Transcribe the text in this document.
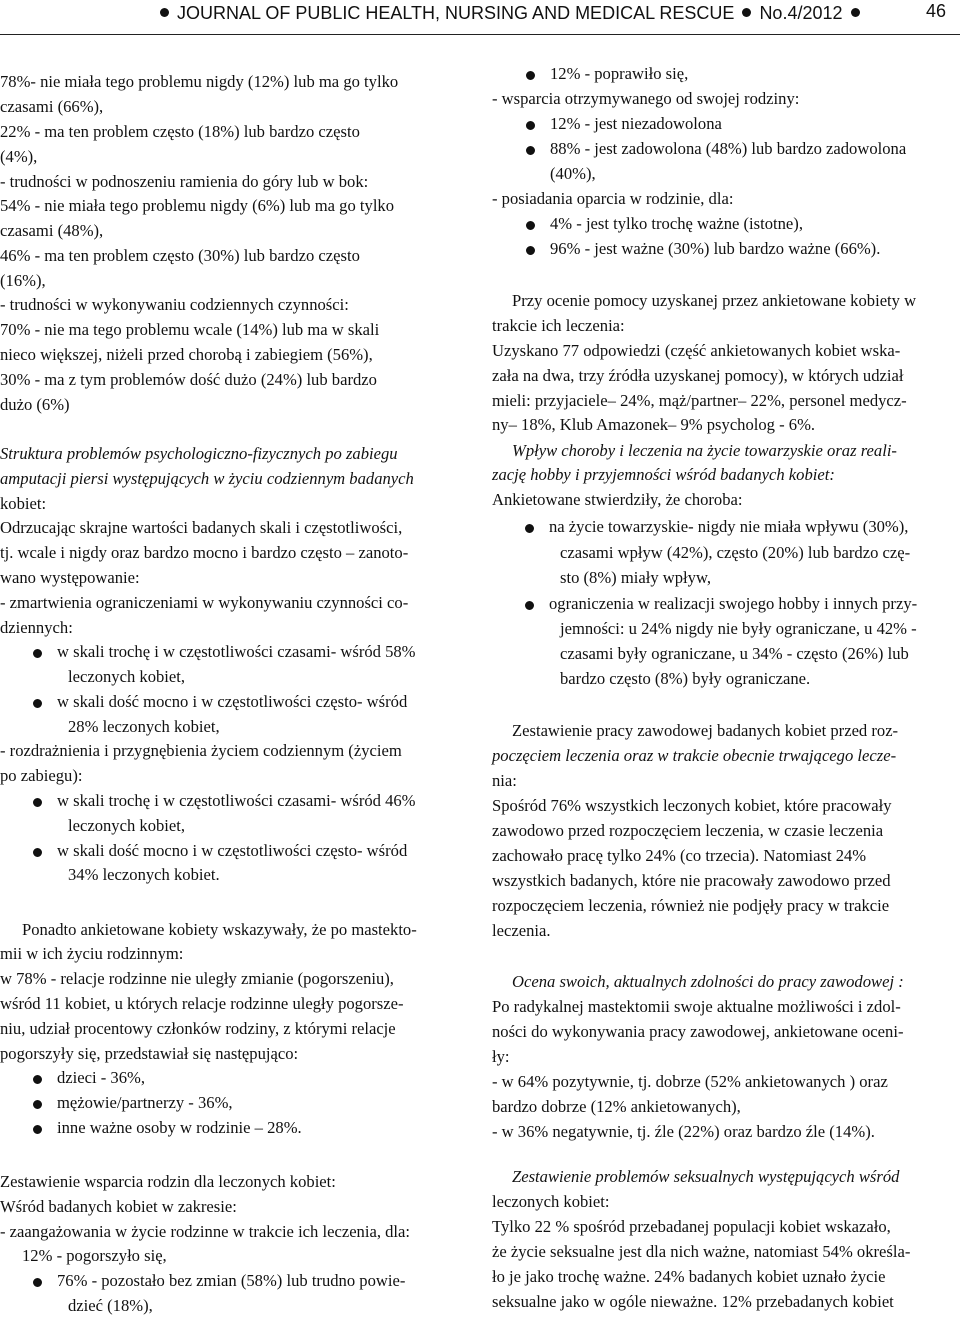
JOURNAL OF PUBLIC HEALTH, NURSING AND MEDICAL RESCUE No.4/2012	46
78%- nie miała tego problemu nigdy (12%) lub ma go tylko
czasami (66%),
22% - ma ten problem często (18%) lub bardzo często
(4%),
- trudności w podnoszeniu ramienia do góry lub w bok:
54% - nie miała tego problemu nigdy (6%) lub ma go tylko
czasami (48%),
46% - ma ten problem często (30%) lub bardzo często
(16%),
- trudności w wykonywaniu codziennych czynności:
70% - nie ma tego problemu wcale (14%) lub ma w skali
nieco większej, niżeli przed chorobą i zabiegiem (56%),
30% - ma z tym problemów dość dużo (24%) lub bardzo
dużo (6%)
Struktura problemów psychologiczno-fizycznych po zabiegu
amputacji piersi występujących w życiu codziennym badanych
kobiet:
Odrzucając skrajne wartości badanych skali i częstotliwości,
tj. wcale i nigdy oraz bardzo mocno i bardzo często – zanoto-
wano występowanie:
- zmartwienia ograniczeniami w wykonywaniu czynności co-
dziennych:
w skali trochę i w częstotliwości czasami- wśród 58%
leczonych kobiet,
w skali dość mocno i w częstotliwości często- wśród
28% leczonych kobiet,
- rozdrażnienia i przygnębienia życiem codziennym (życiem
po zabiegu):
w skali trochę i w częstotliwości czasami- wśród 46%
leczonych kobiet,
w skali dość mocno i w częstotliwości często- wśród
34% leczonych kobiet.
Ponadto ankietowane kobiety wskazywały, że po mastekto-
mii w ich życiu rodzinnym:
w 78% - relacje rodzinne nie uległy zmianie (pogorszeniu),
wśród 11 kobiet, u których relacje rodzinne uległy pogorsze-
niu, udział procentowy członków rodziny, z którymi relacje
pogorszyły się, przedstawiał się następująco:
dzieci - 36%,
mężowie/partnerzy - 36%,
inne ważne osoby w rodzinie – 28%.
Zestawienie wsparcia rodzin dla leczonych kobiet:
Wśród badanych kobiet w zakresie:
- zaangażowania w życie rodzinne w trakcie ich leczenia, dla:
12% - pogorszyło się,
76% - pozostało bez zmian (58%) lub trudno powie-
dzieć (18%),
12% - poprawiło się,
- wsparcia otrzymywanego od swojej rodziny:
12% - jest niezadowolona
88% - jest zadowolona (48%) lub bardzo zadowolona
(40%),
- posiadania oparcia w rodzinie, dla:
4% - jest tylko trochę ważne (istotne),
96% - jest ważne (30%) lub bardzo ważne (66%).
Przy ocenie pomocy uzyskanej przez ankietowane kobiety w
trakcie ich leczenia:
Uzyskano 77 odpowiedzi (część ankietowanych kobiet wska-
zała na dwa, trzy źródła uzyskanej pomocy), w których udział
mieli: przyjaciele– 24%, mąż/partner– 22%, personel medycz-
ny– 18%, Klub Amazonek– 9% psycholog - 6%.
Wpływ choroby i leczenia na życie towarzyskie oraz reali-
zację hobby i przyjemności wśród badanych kobiet:
Ankietowane stwierdziły, że choroba:
na życie towarzyskie- nigdy nie miała wpływu (30%),
czasami wpływ (42%), często (20%) lub bardzo czę-
sto (8%) miały wpływ,
ograniczenia w realizacji swojego hobby i innych przy-
jemności: u 24% nigdy nie były ograniczane, u 42% -
czasami były ograniczane, u 34% - często (26%) lub
bardzo często (8%) były ograniczane.
Zestawienie pracy zawodowej badanych kobiet przed roz-
poczęciem leczenia oraz w trakcie obecnie trwającego lecze-
nia:
Spośród 76% wszystkich leczonych kobiet, które pracowały
zawodowo przed rozpoczęciem leczenia, w czasie leczenia
zachowało pracę tylko 24% (co trzecia). Natomiast 24%
wszystkich badanych, które nie pracowały zawodowo przed
rozpoczęciem leczenia, również nie podjęły pracy w trakcie
leczenia.
Ocena swoich, aktualnych zdolności do pracy zawodowej :
Po radykalnej mastektomii swoje aktualne możliwości i zdol-
ności do wykonywania pracy zawodowej, ankietowane oceni-
ły:
- w 64% pozytywnie, tj. dobrze (52% ankietowanych ) oraz
bardzo dobrze (12% ankietowanych),
- w 36% negatywnie, tj. źle (22%) oraz bardzo źle (14%).
Zestawienie problemów seksualnych występujących wśród
leczonych kobiet:
Tylko 22 % spośród przebadanej populacji kobiet wskazało,
że życie seksualne jest dla nich ważne, natomiast 54% określa-
ło je jako trochę ważne. 24% badanych kobiet uznało życie
seksualne jako w ogóle nieważne. 12% przebadanych kobiet
